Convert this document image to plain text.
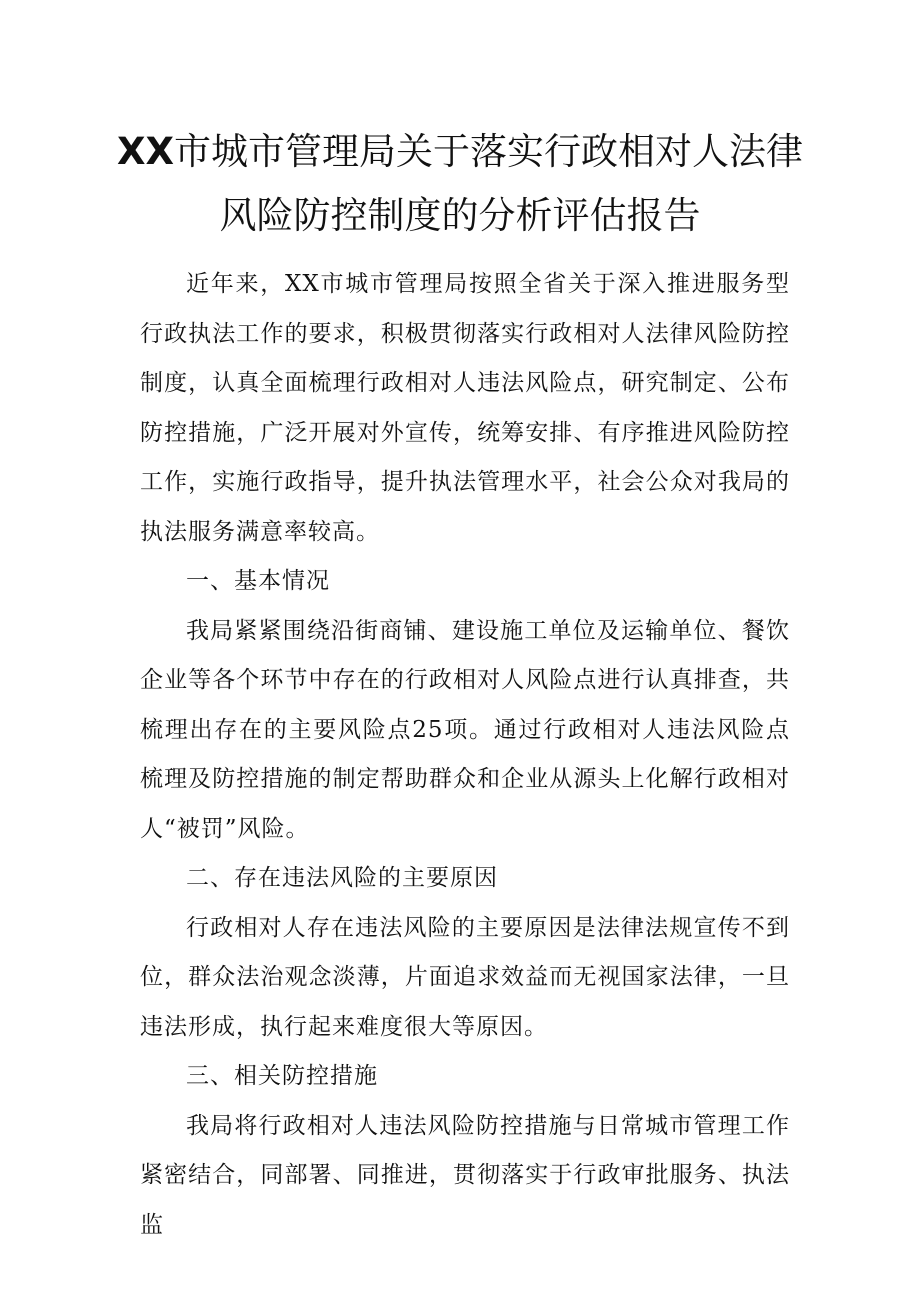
XX市城市管理局关于落实行政相对人法律
风险防控制度的分析评估报告

近年来，XX市城市管理局按照全省关于深入推进服务型行政执法工作的要求，积极贯彻落实行政相对人法律风险防控制度，认真全面梳理行政相对人违法风险点，研究制定、公布防控措施，广泛开展对外宣传，统筹安排、有序推进风险防控工作，实施行政指导，提升执法管理水平，社会公众对我局的执法服务满意率较高。

一、基本情况

我局紧紧围绕沿街商铺、建设施工单位及运输单位、餐饮企业等各个环节中存在的行政相对人风险点进行认真排查，共梳理出存在的主要风险点25项。通过行政相对人违法风险点梳理及防控措施的制定帮助群众和企业从源头上化解行政相对人“被罚”风险。

二、存在违法风险的主要原因

行政相对人存在违法风险的主要原因是法律法规宣传不到位，群众法治观念淡薄，片面追求效益而无视国家法律，一旦违法形成，执行起来难度很大等原因。

三、相关防控措施

我局将行政相对人违法风险防控措施与日常城市管理工作紧密结合，同部署、同推进，贯彻落实于行政审批服务、执法监
